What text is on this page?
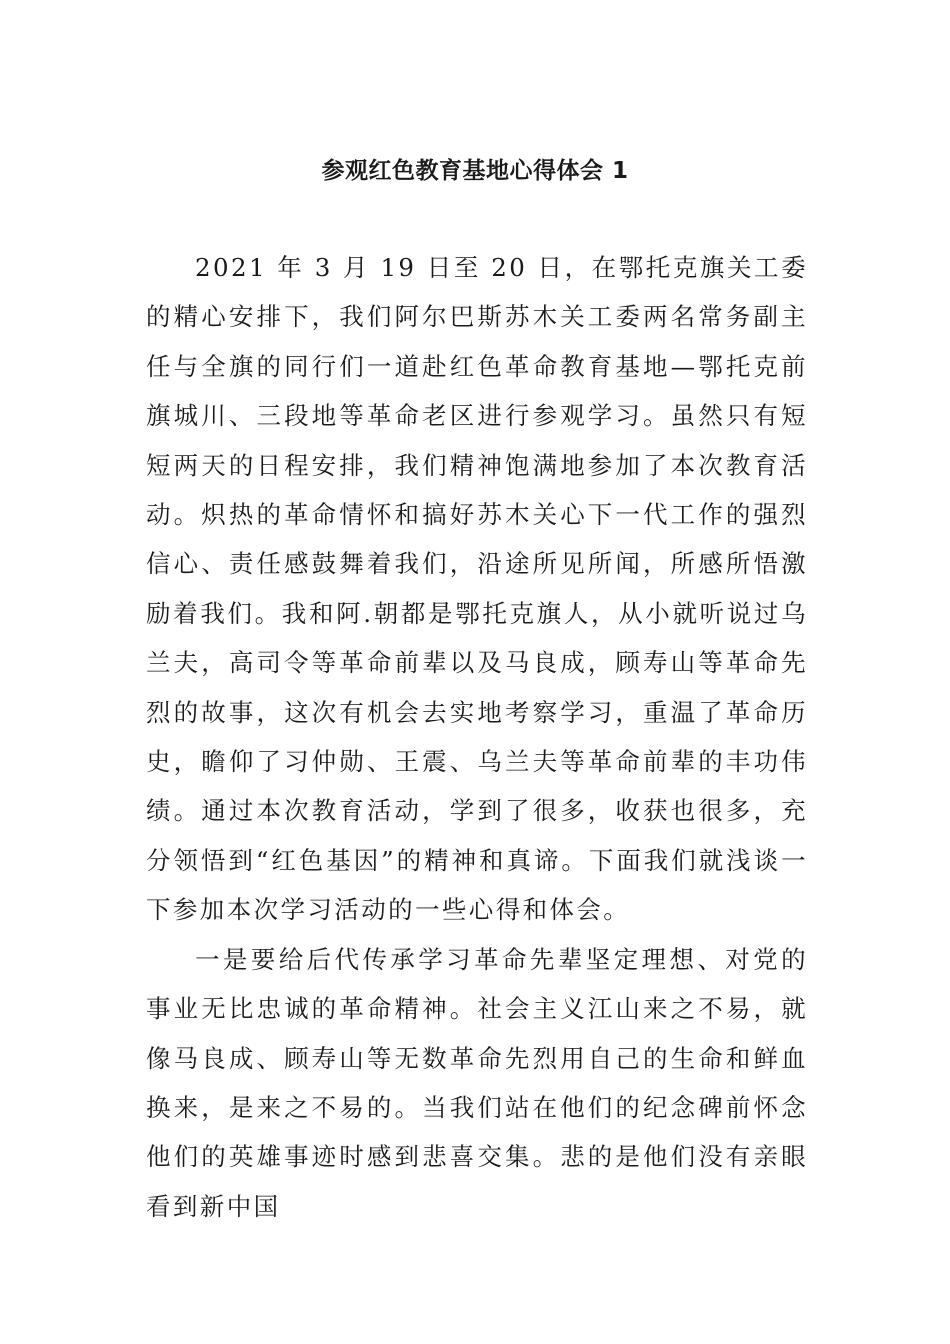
参观红色教育基地心得体会 1

2021 年 3 月 19 日至 20 日，在鄂托克旗关工委的精心安排下，我们阿尔巴斯苏木关工委两名常务副主任与全旗的同行们一道赴红色革命教育基地—鄂托克前旗城川、三段地等革命老区进行参观学习。虽然只有短短两天的日程安排，我们精神饱满地参加了本次教育活动。炽热的革命情怀和搞好苏木关心下一代工作的强烈信心、责任感鼓舞着我们，沿途所见所闻，所感所悟激励着我们。我和阿.朝都是鄂托克旗人，从小就听说过乌兰夫，高司令等革命前辈以及马良成，顾寿山等革命先烈的故事，这次有机会去实地考察学习，重温了革命历史，瞻仰了习仲勋、王震、乌兰夫等革命前辈的丰功伟绩。通过本次教育活动，学到了很多，收获也很多，充分领悟到“红色基因”的精神和真谛。下面我们就浅谈一下参加本次学习活动的一些心得和体会。

一是要给后代传承学习革命先辈坚定理想、对党的事业无比忠诚的革命精神。社会主义江山来之不易，就像马良成、顾寿山等无数革命先烈用自己的生命和鲜血换来，是来之不易的。当我们站在他们的纪念碑前怀念他们的英雄事迹时感到悲喜交集。悲的是他们没有亲眼看到新中国
